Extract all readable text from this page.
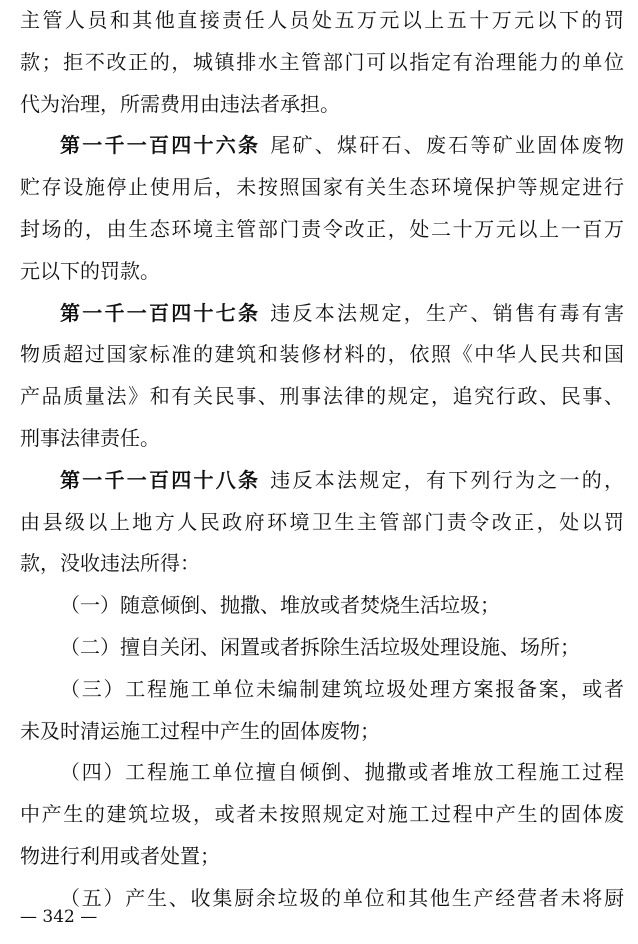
主管人员和其他直接责任人员处五万元以上五十万元以下的罚
款；拒不改正的，城镇排水主管部门可以指定有治理能力的单位
代为治理，所需费用由违法者承担。
第一千一百四十六条 尾矿、煤矸石、废石等矿业固体废物
贮存设施停止使用后，未按照国家有关生态环境保护等规定进行
封场的，由生态环境主管部门责令改正，处二十万元以上一百万
元以下的罚款。
第一千一百四十七条 违反本法规定，生产、销售有毒有害
物质超过国家标准的建筑和装修材料的，依照《中华人民共和国
产品质量法》和有关民事、刑事法律的规定，追究行政、民事、
刑事法律责任。
第一千一百四十八条 违反本法规定，有下列行为之一的，
由县级以上地方人民政府环境卫生主管部门责令改正，处以罚
款，没收违法所得：
（一）随意倾倒、抛撒、堆放或者焚烧生活垃圾；
（二）擅自关闭、闲置或者拆除生活垃圾处理设施、场所；
（三）工程施工单位未编制建筑垃圾处理方案报备案，或者
未及时清运施工过程中产生的固体废物；
（四）工程施工单位擅自倾倒、抛撒或者堆放工程施工过程
中产生的建筑垃圾，或者未按照规定对施工过程中产生的固体废
物进行利用或者处置；
（五）产生、收集厨余垃圾的单位和其他生产经营者未将厨
— 342 —
